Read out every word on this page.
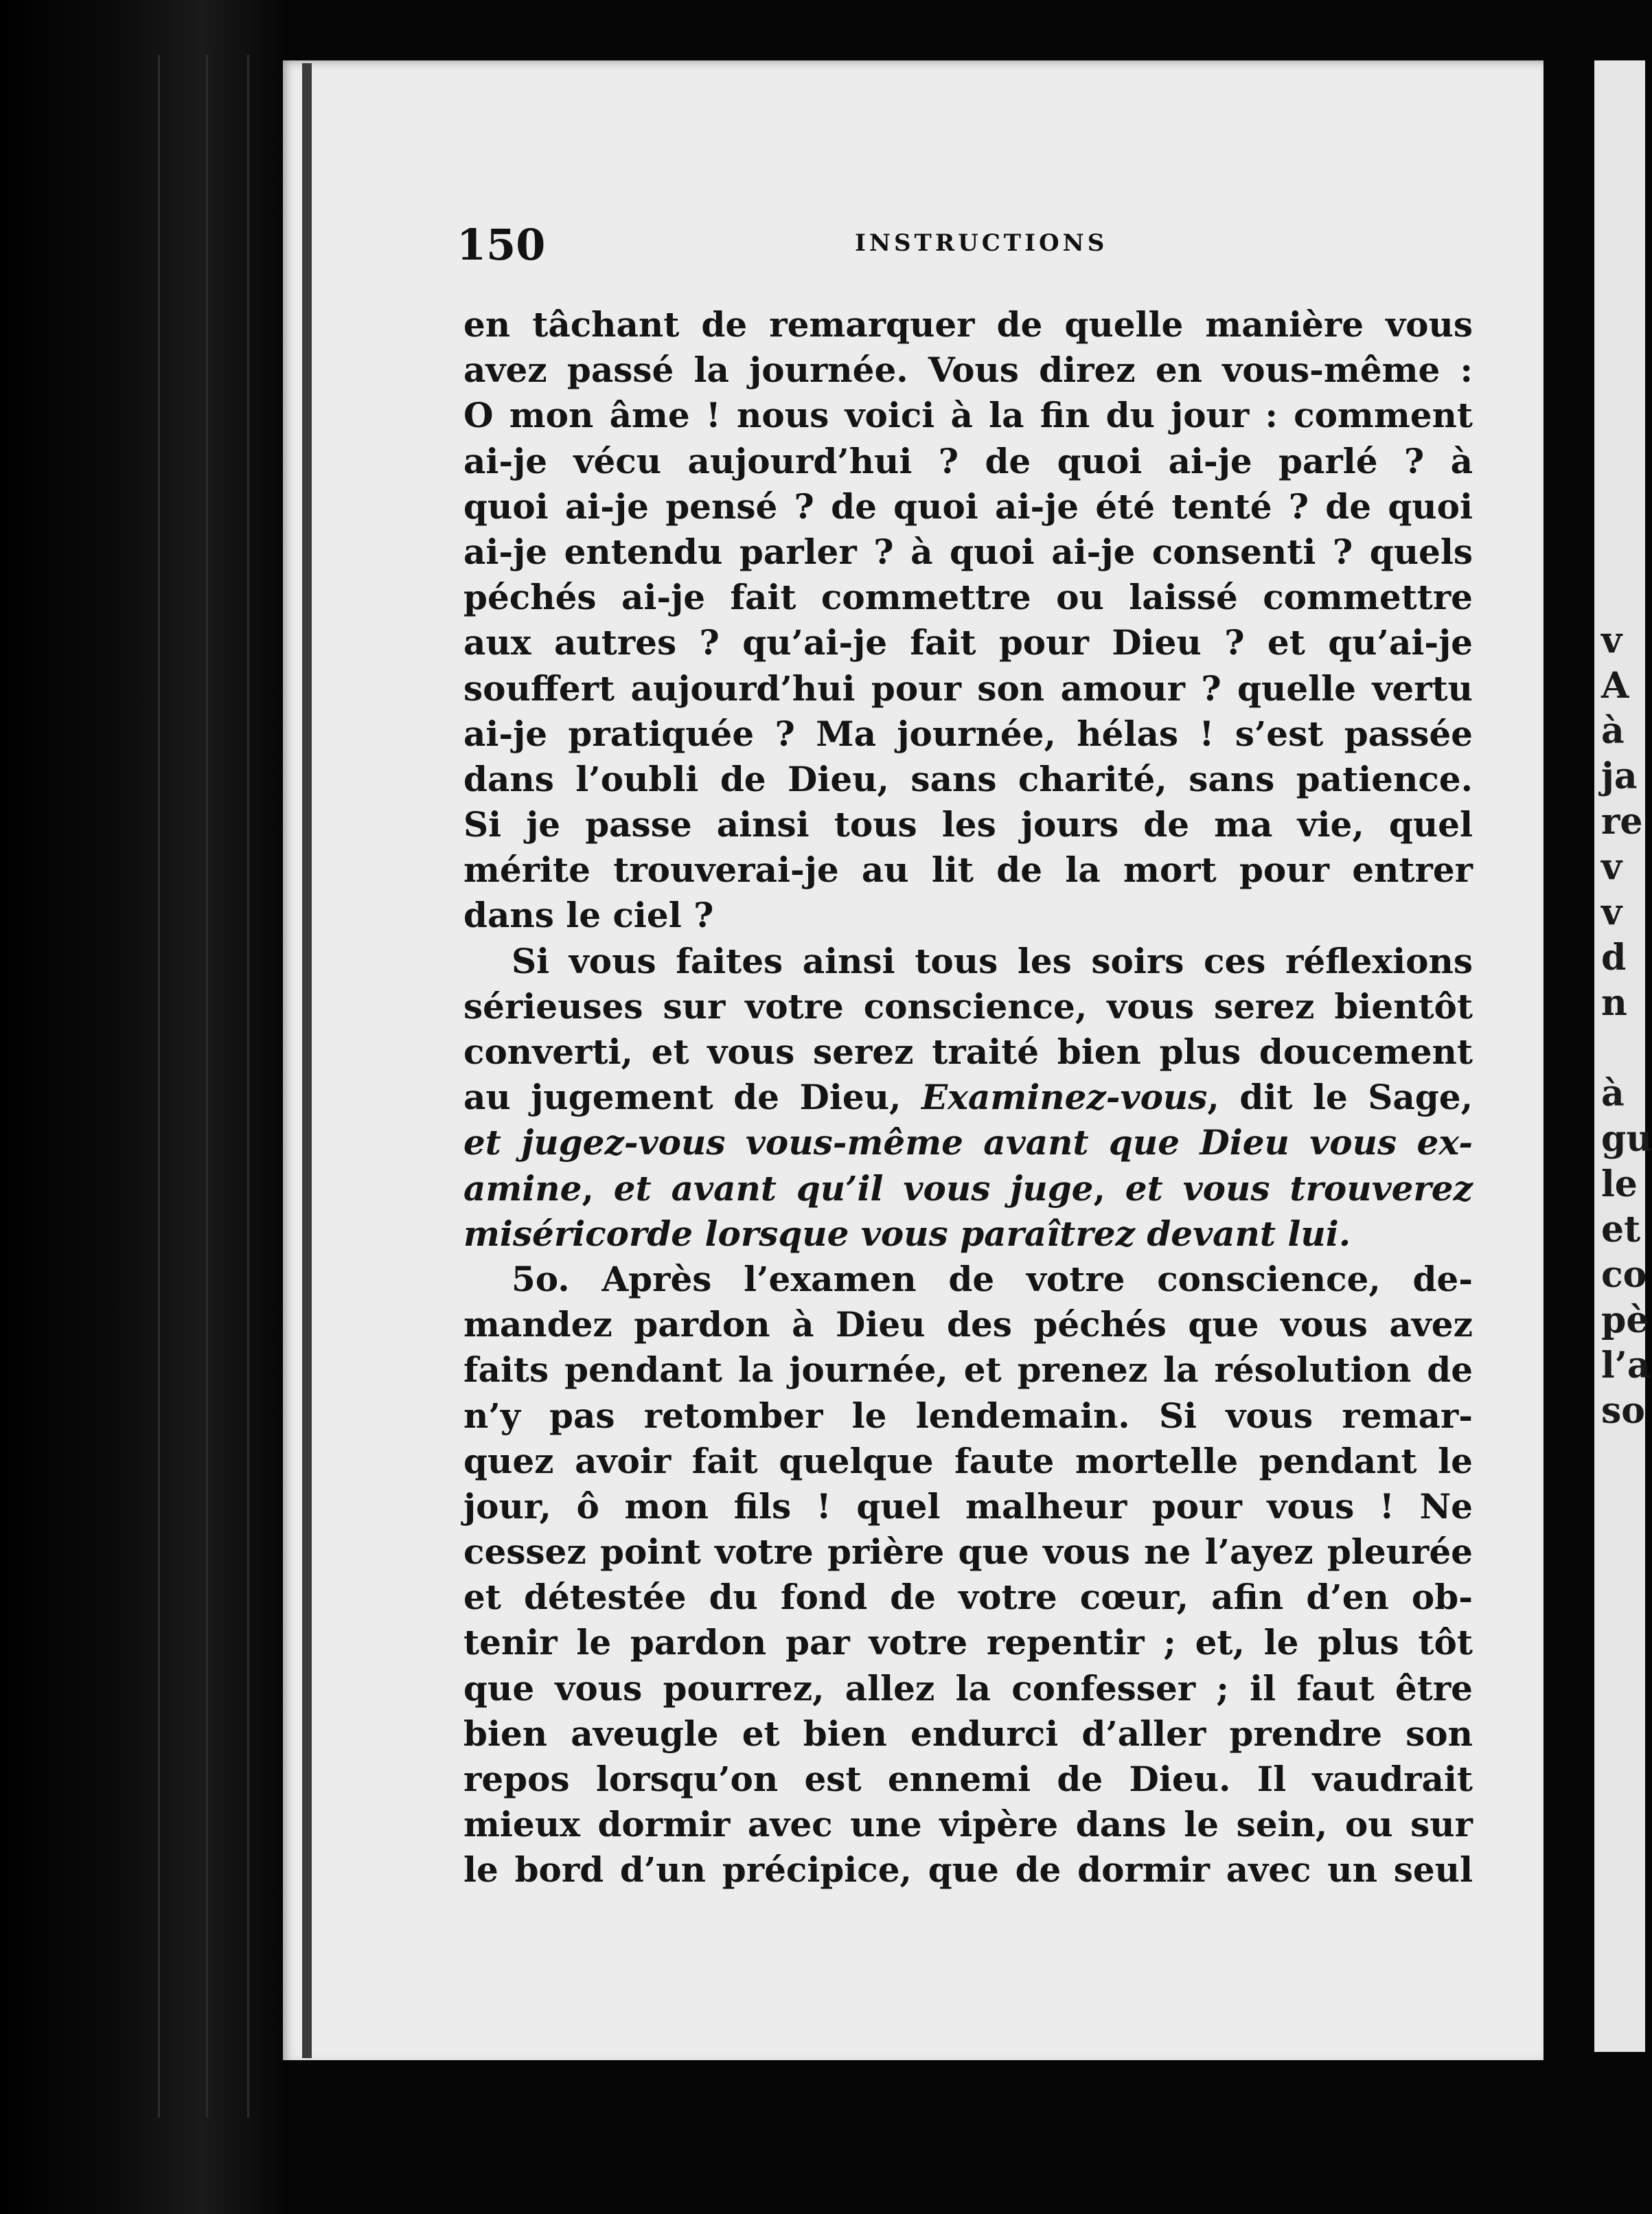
v
A
à
ja
re
v
v
d
n

à
gu
le
et
co
pè
l’a
so
150	INSTRUCTIONS
en tâchant de remarquer de quelle manière vous
avez passé la journée. Vous direz en vous-même :
O mon âme ! nous voici à la fin du jour : comment
ai-je vécu aujourd’hui ? de quoi ai-je parlé ? à
quoi ai-je pensé ? de quoi ai-je été tenté ? de quoi
ai-je entendu parler ? à quoi ai-je consenti ? quels
péchés ai-je fait commettre ou laissé commettre
aux autres ? qu’ai-je fait pour Dieu ? et qu’ai-je
souffert aujourd’hui pour son amour ? quelle vertu
ai-je pratiquée ? Ma journée, hélas ! s’est passée
dans l’oubli de Dieu, sans charité, sans patience.
Si je passe ainsi tous les jours de ma vie, quel
mérite trouverai-je au lit de la mort pour entrer
dans le ciel ?
Si vous faites ainsi tous les soirs ces réflexions
sérieuses sur votre conscience, vous serez bientôt
converti, et vous serez traité bien plus doucement
au jugement de Dieu, Examinez-vous, dit le Sage,
et jugez-vous vous-même avant que Dieu vous ex-
amine, et avant qu’il vous juge, et vous trouverez
miséricorde lorsque vous paraîtrez devant lui.
5o. Après l’examen de votre conscience, de-
mandez pardon à Dieu des péchés que vous avez
faits pendant la journée, et prenez la résolution de
n’y pas retomber le lendemain. Si vous remar-
quez avoir fait quelque faute mortelle pendant le
jour, ô mon fils ! quel malheur pour vous ! Ne
cessez point votre prière que vous ne l’ayez pleurée
et détestée du fond de votre cœur, afin d’en ob-
tenir le pardon par votre repentir ; et, le plus tôt
que vous pourrez, allez la confesser ; il faut être
bien aveugle et bien endurci d’aller prendre son
repos lorsqu’on est ennemi de Dieu. Il vaudrait
mieux dormir avec une vipère dans le sein, ou sur
le bord d’un précipice, que de dormir avec un seul
